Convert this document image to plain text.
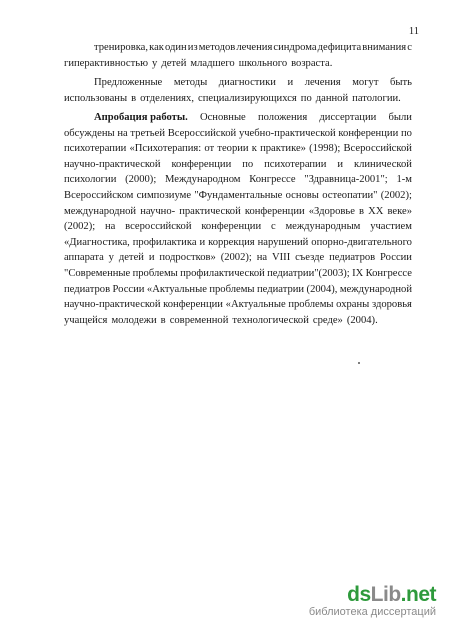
11
тренировка, как один из методов лечения синдрома дефицита внимания с
гиперактивностью у детей младшего школьного возраста.
Предложенные методы диагностики и лечения могут быть
использованы в отделениях, специализирующихся по данной патологии.
Апробация работы. Основные положения диссертации были
обсуждены на третьей Всероссийской учебно-практической конференции по
психотерапии «Психотерапия: от теории к практике» (1998); Всероссийской
научно-практической конференции по психотерапии и клинической
психологии (2000); Международном Конгрессе "Здравница-2001"; 1-м
Всероссийском симпозиуме "Фундаментальные основы остеопатии" (2002);
международной научно- практической конференции «Здоровье в XX веке»
(2002); на всероссийской конференции с международным участием
«Диагностика, профилактика и коррекция нарушений опорно-двигательного
аппарата у детей и подростков» (2002); на VIII съезде педиатров России
"Современные проблемы профилактической педиатрии"(2003); IX Конгрессе
педиатров России «Актуальные проблемы педиатрии (2004), международной
научно-практической конференции «Актуальные проблемы охраны здоровья
учащейся молодежи в современной технологической среде» (2004).
dsLib.net
библиотека диссертаций
